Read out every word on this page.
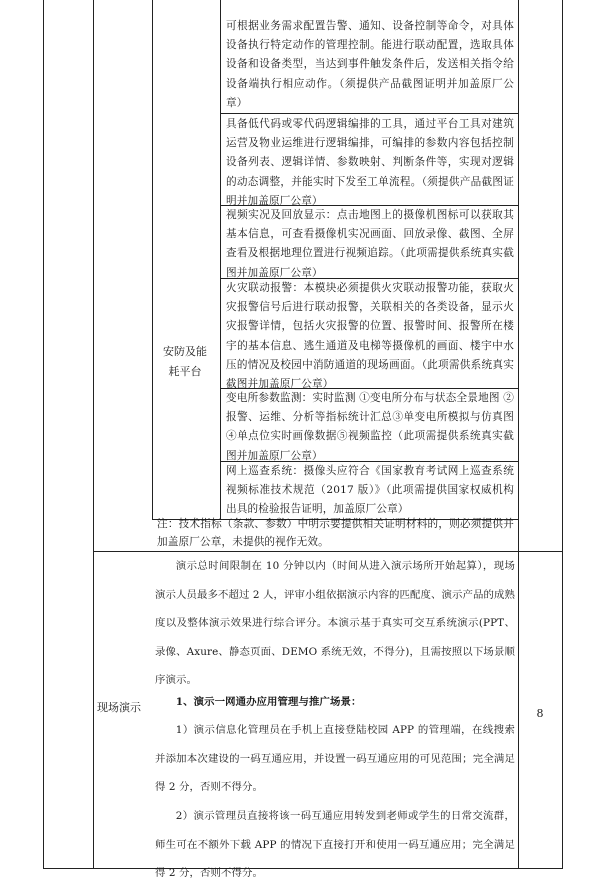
安防及能耗平台
可根据业务需求配置告警、通知、设备控制等命令，对具体设备执行特定动作的管理控制。能进行联动配置，选取具体设备和设备类型，当达到事件触发条件后，发送相关指令给设备端执行相应动作。（须提供产品截图证明并加盖原厂公章）
具备低代码或零代码逻辑编排的工具，通过平台工具对建筑运营及物业运维进行逻辑编排，可编排的参数内容包括控制设备列表、逻辑详情、参数映射、判断条件等，实现对逻辑的动态调整，并能实时下发至工单流程。（须提供产品截图证明并加盖原厂公章）
视频实况及回放显示：点击地图上的摄像机图标可以获取其基本信息，可查看摄像机实况画面、回放录像、截图、全屏查看及根据地理位置进行视频追踪。（此项需提供系统真实截图并加盖原厂公章）
火灾联动报警：本模块必须提供火灾联动报警功能，获取火灾报警信号后进行联动报警，关联相关的各类设备，显示火灾报警详情，包括火灾报警的位置、报警时间、报警所在楼宇的基本信息、逃生通道及电梯等摄像机的画面、楼宇中水压的情况及校园中消防通道的现场画面。（此项需供系统真实截图并加盖原厂公章）
变电所参数监测：实时监测 ①变电所分布与状态全景地图 ②报警、运维、分析等指标统计汇总③单变电所模拟与仿真图④单点位实时画像数据⑤视频监控（此项需提供系统真实截图并加盖原厂公章）
网上巡查系统：摄像头应符合《国家教育考试网上巡查系统视频标准技术规范（2017 版）》（此项需提供国家权威机构出具的检验报告证明，加盖原厂公章）
注：技术指标（条款、参数）中明示要提供相关证明材料的，则必须提供并加盖原厂公章，未提供的视作无效。
现场演示	8
演示总时间限制在 10 分钟以内（时间从进入演示场所开始起算），现场演示人员最多不超过 2 人，评审小组依据演示内容的匹配度、演示产品的成熟度以及整体演示效果进行综合评分。本演示基于真实可交互系统演示(PPT、录像、Axure、静态页面、DEMO 系统无效，不得分)，且需按照以下场景顺序演示。
1、演示一网通办应用管理与推广场景：
1）演示信息化管理员在手机上直接登陆校园 APP 的管理端，在线搜索并添加本次建设的一码互通应用，并设置一码互通应用的可见范围；完全满足得 2 分，否则不得分。
2）演示管理员直接将该一码互通应用转发到老师或学生的日常交流群，师生可在不额外下载 APP 的情况下直接打开和使用一码互通应用；完全满足得 2 分，否则不得分。
